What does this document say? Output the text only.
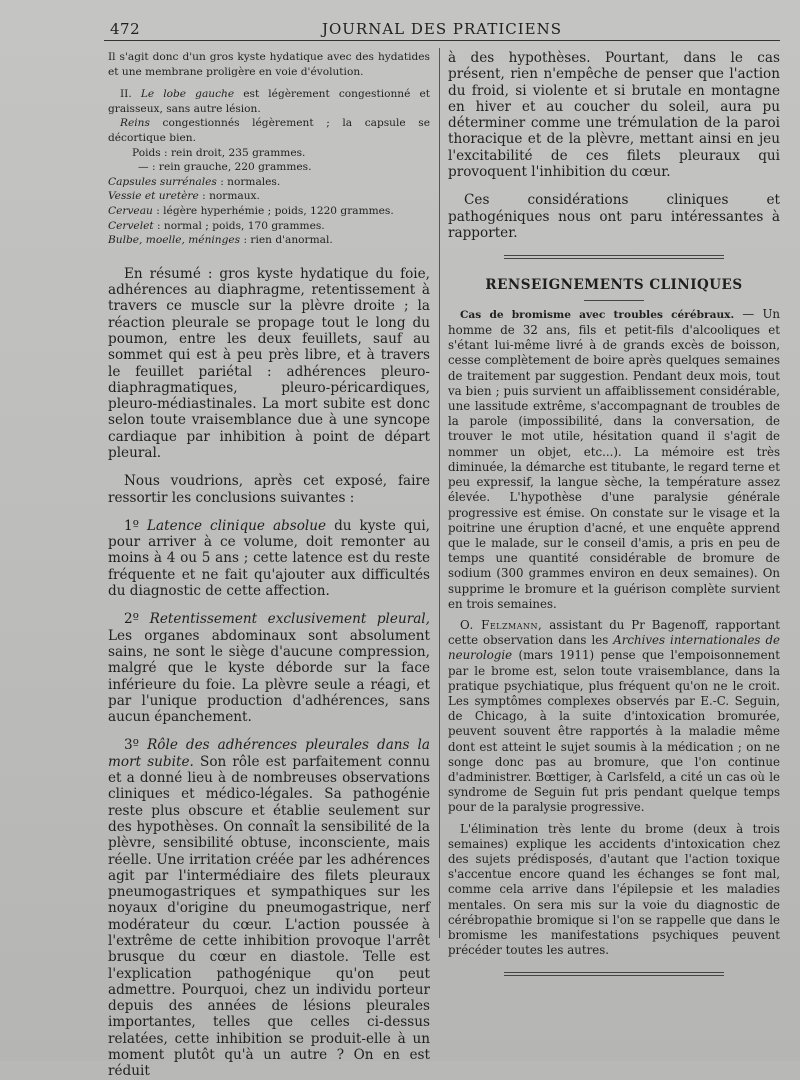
472	JOURNAL DES PRATICIENS

Il s'agit donc d'un gros kyste hydatique avec des hydatides et une membrane proligère en voie d'évolution.

II. Le lobe gauche est légèrement congestionné et graisseux, sans autre lésion.

Reins congestionnés légèrement ; la capsule se décortique bien.

Poids : rein droit, 235 grammes.

— : rein grauche, 220 grammes.

Capsules surrénales : normales.

Vessie et uretère : normaux.

Cerveau : légère hyperhémie ; poids, 1220 grammes.

Cervelet : normal ; poids, 170 grammes.

Bulbe, moelle, méninges : rien d'anormal.

En résumé : gros kyste hydatique du foie, adhérences au diaphragme, retentissement à travers ce muscle sur la plèvre droite ; la réaction pleurale se propage tout le long du poumon, entre les deux feuillets, sauf au sommet qui est à peu près libre, et à travers le feuillet pariétal : adhérences pleuro-diaphragmatiques, pleuro-péricardiques, pleuro-médiastinales. La mort subite est donc selon toute vraisemblance due à une syncope cardiaque par inhibition à point de départ pleural.

Nous voudrions, après cet exposé, faire ressortir les conclusions suivantes :

1º Latence clinique absolue du kyste qui, pour arriver à ce volume, doit remonter au moins à 4 ou 5 ans ; cette latence est du reste fréquente et ne fait qu'ajouter aux difficultés du diagnostic de cette affection.

2º Retentissement exclusivement pleural, Les organes abdominaux sont absolument sains, ne sont le siège d'aucune compression, malgré que le kyste déborde sur la face inférieure du foie. La plèvre seule a réagi, et par l'unique production d'adhérences, sans aucun épanchement.

3º Rôle des adhérences pleurales dans la mort subite. Son rôle est parfaitement connu et a donné lieu à de nombreuses observations cliniques et médico-légales. Sa pathogénie reste plus obscure et établie seulement sur des hypothèses. On connaît la sensibilité de la plèvre, sensibilité obtuse, inconsciente, mais réelle. Une irritation créée par les adhérences agit par l'intermédiaire des filets pleuraux pneumogastriques et sympathiques sur les noyaux d'origine du pneumogastrique, nerf modérateur du cœur. L'action poussée à l'extrême de cette inhibition provoque l'arrêt brusque du cœur en diastole. Telle est l'explication pathogénique qu'on peut admettre. Pourquoi, chez un individu porteur depuis des années de lésions pleurales importantes, telles que celles ci-dessus relatées, cette inhibition se produit-elle à un moment plutôt qu'à un autre ? On en est réduit

à des hypothèses. Pourtant, dans le cas présent, rien n'empêche de penser que l'action du froid, si violente et si brutale en montagne en hiver et au coucher du soleil, aura pu déterminer comme une trémulation de la paroi thoracique et de la plèvre, mettant ainsi en jeu l'excitabilité de ces filets pleuraux qui provoquent l'inhibition du cœur.

Ces considérations cliniques et pathogéniques nous ont paru intéressantes à rapporter.

RENSEIGNEMENTS CLINIQUES

Cas de bromisme avec troubles cérébraux. — Un homme de 32 ans, fils et petit-fils d'alcooliques et s'étant lui-même livré à de grands excès de boisson, cesse complètement de boire après quelques semaines de traitement par suggestion. Pendant deux mois, tout va bien ; puis survient un affaiblissement considérable, une lassitude extrême, s'accompagnant de troubles de la parole (impossibilité, dans la conversation, de trouver le mot utile, hésitation quand il s'agit de nommer un objet, etc...). La mémoire est très diminuée, la démarche est titubante, le regard terne et peu expressif, la langue sèche, la température assez élevée. L'hypothèse d'une paralysie générale progressive est émise. On constate sur le visage et la poitrine une éruption d'acné, et une enquête apprend que le malade, sur le conseil d'amis, a pris en peu de temps une quantité considérable de bromure de sodium (300 grammes environ en deux semaines). On supprime le bromure et la guérison complète survient en trois semaines.

O. Felzmann, assistant du Pr Bagenoff, rapportant cette observation dans les Archives internationales de neurologie (mars 1911) pense que l'empoisonnement par le brome est, selon toute vraisemblance, dans la pratique psychiatique, plus fréquent qu'on ne le croit. Les symptômes complexes observés par E.-C. Seguin, de Chicago, à la suite d'intoxication bromurée, peuvent souvent être rapportés à la maladie même dont est atteint le sujet soumis à la médication ; on ne songe donc pas au bromure, que l'on continue d'administrer. Bœttiger, à Carlsfeld, a cité un cas où le syndrome de Seguin fut pris pendant quelque temps pour de la paralysie progressive.

L'élimination très lente du brome (deux à trois semaines) explique les accidents d'intoxication chez des sujets prédisposés, d'autant que l'action toxique s'accentue encore quand les échanges se font mal, comme cela arrive dans l'épilepsie et les maladies mentales. On sera mis sur la voie du diagnostic de cérébropathie bromique si l'on se rappelle que dans le bromisme les manifestations psychiques peuvent précéder toutes les autres.
